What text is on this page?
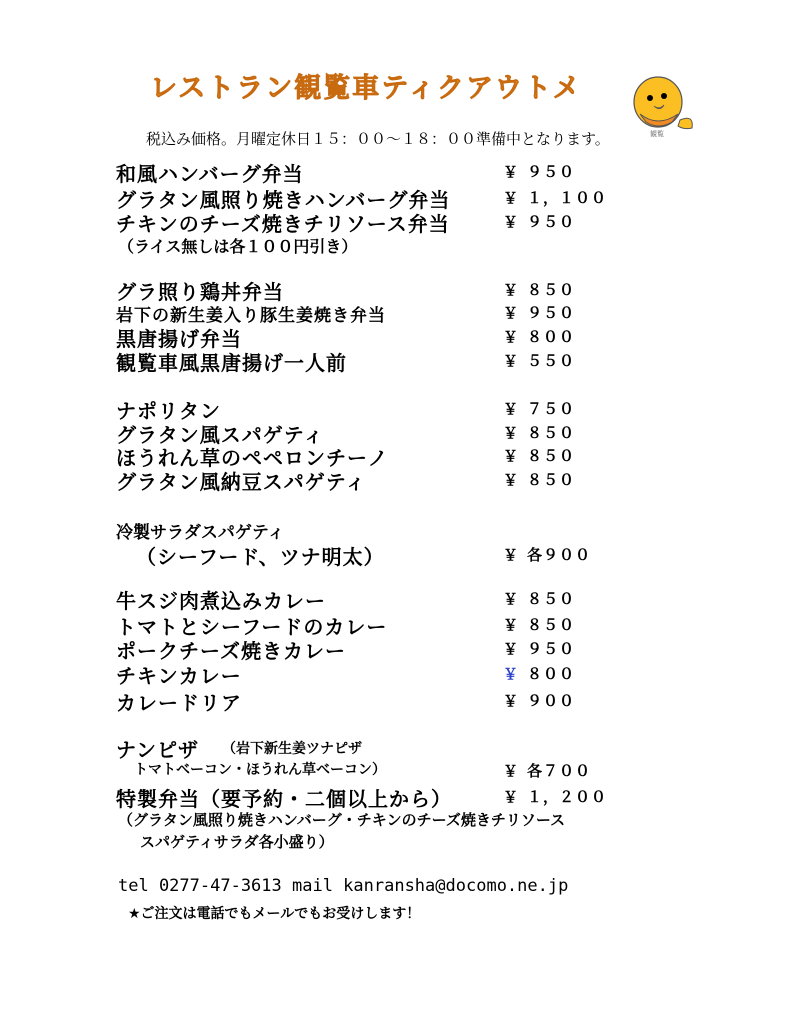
レストラン観覧車ティクアウトメ
税込み価格。月曜定休日１５：００〜１８：００準備中となります。	観覧
和風ハンバーグ弁当	￥ ９５０
グラタン風照り焼きハンバーグ弁当	￥ １，１００
チキンのチーズ焼きチリソース弁当	￥ ９５０
（ライス無しは各１００円引き）
グラ照り鶏丼弁当	￥ ８５０
岩下の新生姜入り豚生姜焼き弁当	￥ ９５０
黒唐揚げ弁当	￥ ８００
観覧車風黒唐揚げ一人前	￥ ５５０
ナポリタン	￥ ７５０
グラタン風スパゲティ	￥ ８５０
ほうれん草のペペロンチーノ	￥ ８５０
グラタン風納豆スパゲティ	￥ ８５０
冷製サラダスパゲティ
（シーフード、ツナ明太）	￥ 各９００
牛スジ肉煮込みカレー	￥ ８５０
トマトとシーフードのカレー	￥ ８５０
ポークチーズ焼きカレー	￥ ９５０
チキンカレー	￥ ８００
カレードリア	￥ ９００
ナンピザ （岩下新生姜ツナピザ
トマトベーコン・ほうれん草ベーコン）	￥ 各７００
特製弁当（要予約・二個以上から）	￥ １，２００
（グラタン風照り焼きハンバーグ・チキンのチーズ焼きチリソース
スパゲティサラダ各小盛り）
tel 0277-47-3613 mail kanransha@docomo.ne.jp
★ご注文は電話でもメールでもお受けします！
